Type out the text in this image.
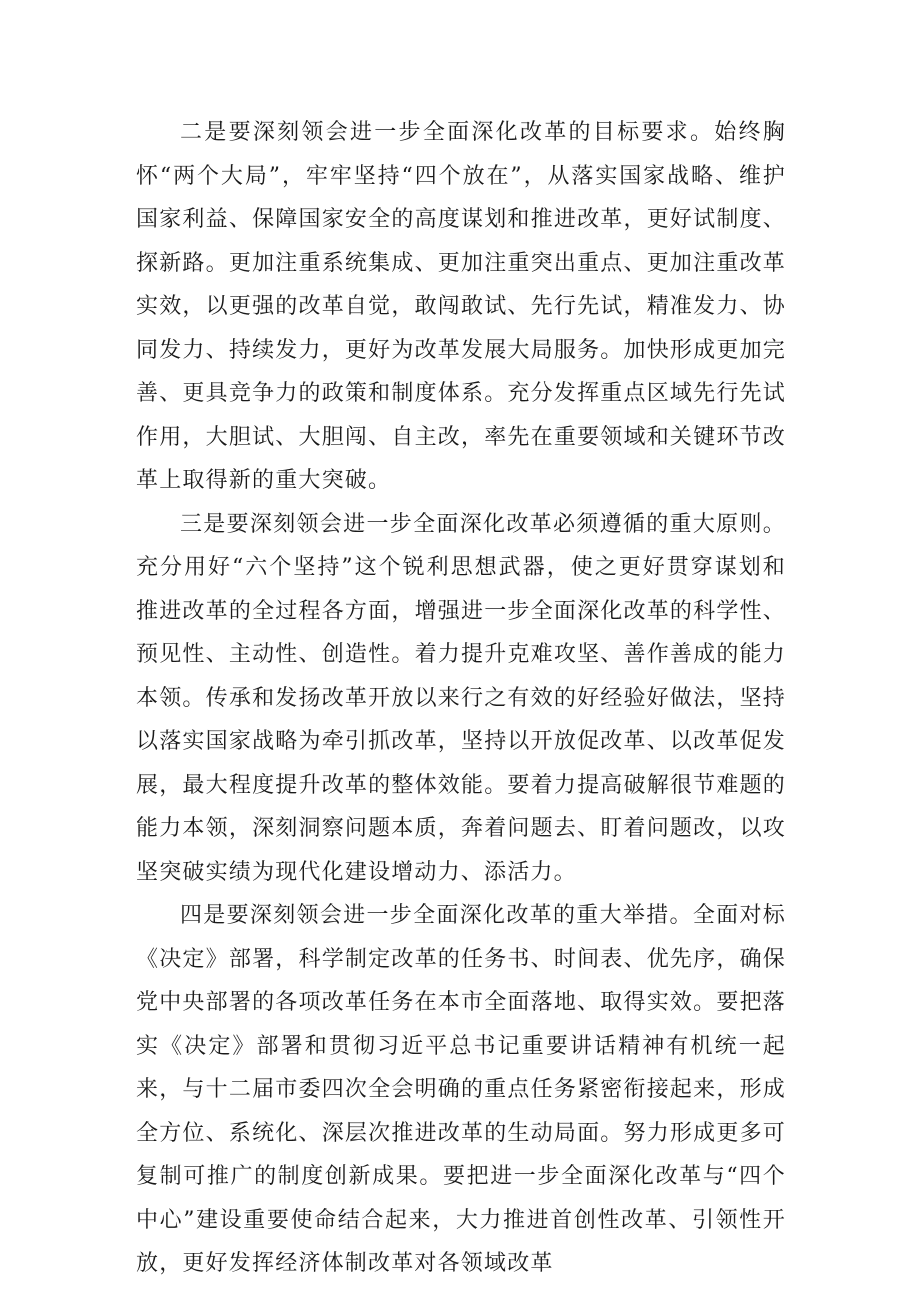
二是要深刻领会进一步全面深化改革的目标要求。始终胸怀“两个大局”，牢牢坚持“四个放在”，从落实国家战略、维护国家利益、保障国家安全的高度谋划和推进改革，更好试制度、探新路。更加注重系统集成、更加注重突出重点、更加注重改革实效，以更强的改革自觉，敢闯敢试、先行先试，精准发力、协同发力、持续发力，更好为改革发展大局服务。加快形成更加完善、更具竞争力的政策和制度体系。充分发挥重点区域先行先试作用，大胆试、大胆闯、自主改，率先在重要领域和关键环节改革上取得新的重大突破。

三是要深刻领会进一步全面深化改革必须遵循的重大原则。充分用好“六个坚持”这个锐利思想武器，使之更好贯穿谋划和推进改革的全过程各方面，增强进一步全面深化改革的科学性、预见性、主动性、创造性。着力提升克难攻坚、善作善成的能力本领。传承和发扬改革开放以来行之有效的好经验好做法，坚持以落实国家战略为牵引抓改革，坚持以开放促改革、以改革促发展，最大程度提升改革的整体效能。要着力提高破解很节难题的能力本领，深刻洞察问题本质，奔着问题去、盯着问题改，以攻坚突破实绩为现代化建设增动力、添活力。

四是要深刻领会进一步全面深化改革的重大举措。全面对标《决定》部署，科学制定改革的任务书、时间表、优先序，确保党中央部署的各项改革任务在本市全面落地、取得实效。要把落实《决定》部署和贯彻习近平总书记重要讲话精神有机统一起来，与十二届市委四次全会明确的重点任务紧密衔接起来，形成全方位、系统化、深层次推进改革的生动局面。努力形成更多可复制可推广的制度创新成果。要把进一步全面深化改革与“四个中心”建设重要使命结合起来，大力推进首创性改革、引领性开放，更好发挥经济体制改革对各领域改革
